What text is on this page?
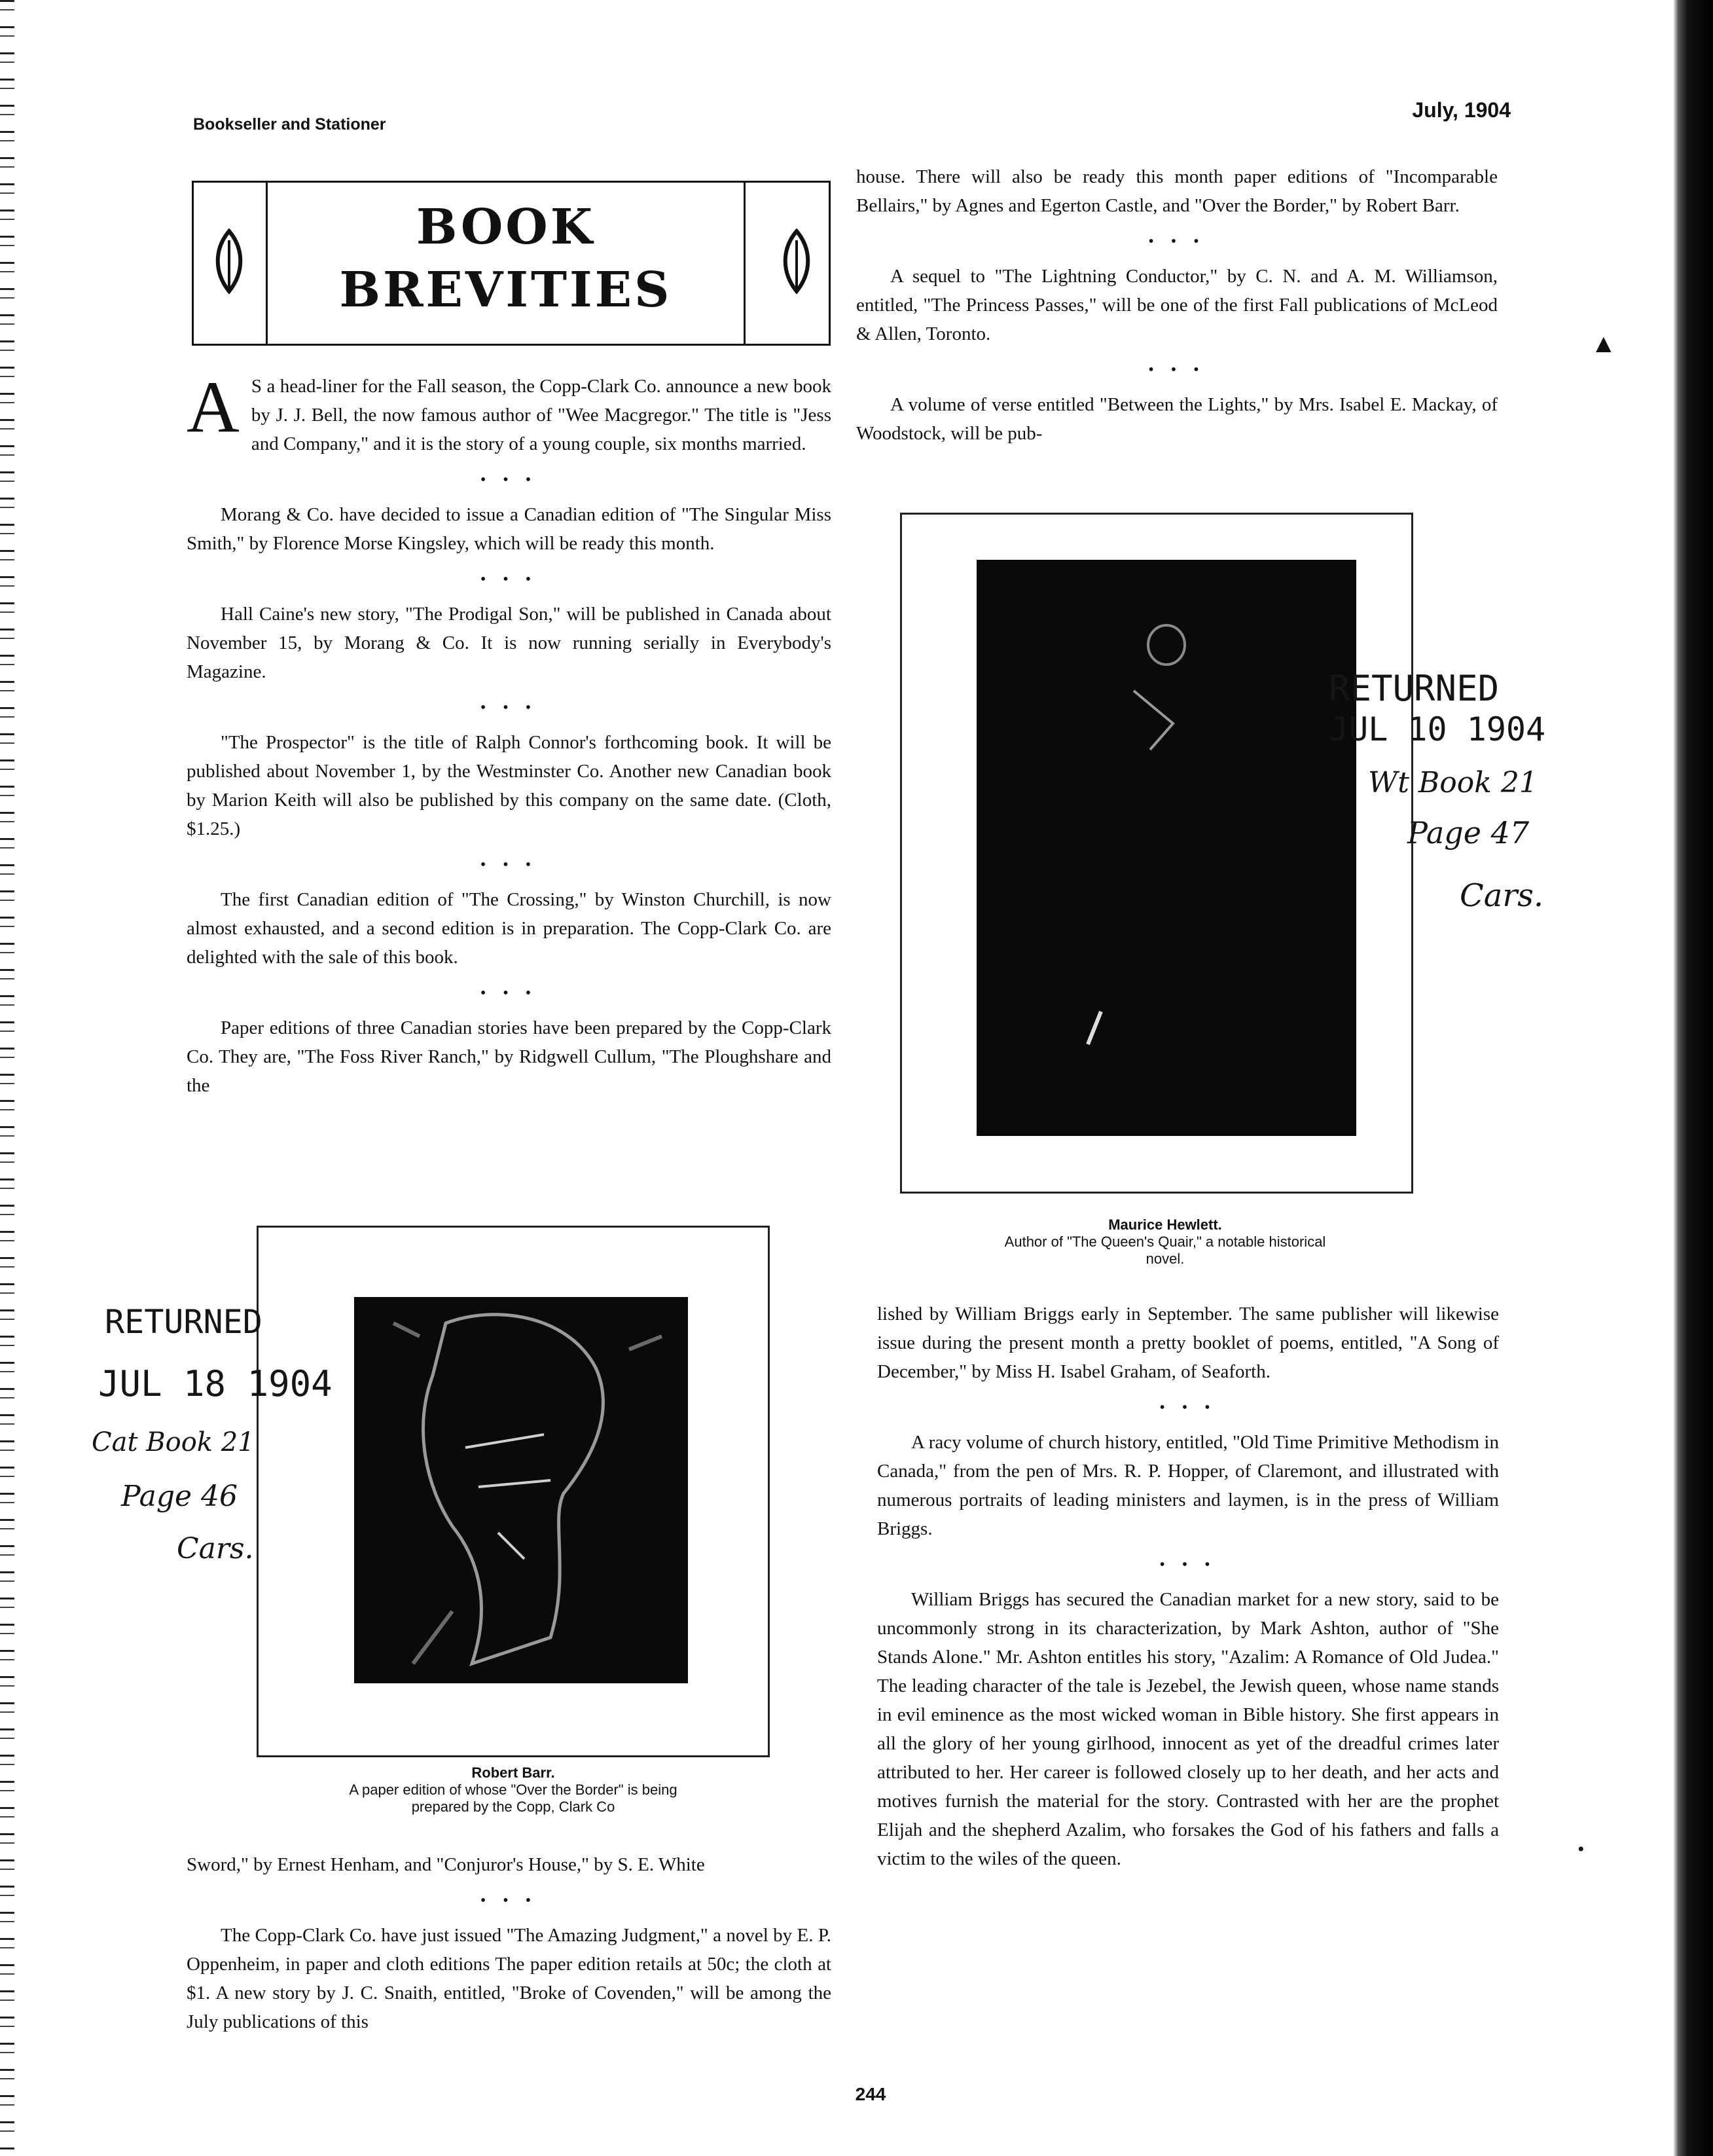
Bookseller and Stationer
July, 1904
BOOK
BREVITIES

A S a head-liner for the Fall season, the Copp-Clark Co. announce a new book by J. J. Bell, the now famous author of "Wee Macgregor." The title is "Jess and Company," and it is the story of a young couple, six months married.

• • •

Morang & Co. have decided to issue a Canadian edition of "The Singular Miss Smith," by Florence Morse Kingsley, which will be ready this month.

• • •

Hall Caine's new story, "The Prodigal Son," will be published in Canada about November 15, by Morang & Co. It is now running serially in Everybody's Magazine.

• • •

"The Prospector" is the title of Ralph Connor's forthcoming book. It will be published about November 1, by the Westminster Co. Another new Canadian book by Marion Keith will also be published by this company on the same date. (Cloth, $1.25.)

• • •

The first Canadian edition of "The Crossing," by Winston Churchill, is now almost exhausted, and a second edition is in preparation. The Copp-Clark Co. are delighted with the sale of this book.

• • •

Paper editions of three Canadian stories have been prepared by the Copp-Clark Co. They are, "The Foss River Ranch," by Ridgwell Cullum, "The Ploughshare and the

Robert Barr.
A paper edition of whose "Over the Border" is being prepared by the Copp, Clark Co
RETURNED
JUL 18 1904
Cat Book 21
Page 46
Cars.

Sword," by Ernest Henham, and "Conjuror's House," by S. E. White

• • •

The Copp-Clark Co. have just issued "The Amazing Judgment," a novel by E. P. Oppenheim, in paper and cloth editions The paper edition retails at 50c; the cloth at $1. A new story by J. C. Snaith, entitled, "Broke of Covenden," will be among the July publications of this

house. There will also be ready this month paper editions of "Incomparable Bellairs," by Agnes and Egerton Castle, and "Over the Border," by Robert Barr.

• • •

A sequel to "The Lightning Conductor," by C. N. and A. M. Williamson, entitled, "The Princess Passes," will be one of the first Fall publications of McLeod & Allen, Toronto.

• • •

A volume of verse entitled "Between the Lights," by Mrs. Isabel E. Mackay, of Woodstock, will be pub-

Maurice Hewlett.
Author of "The Queen's Quair," a notable historical novel.
RETURNED
JUL 10 1904
Wt Book 21
Page 47
Cars.

lished by William Briggs early in September. The same publisher will likewise issue during the present month a pretty booklet of poems, entitled, "A Song of December," by Miss H. Isabel Graham, of Seaforth.

• • •

A racy volume of church history, entitled, "Old Time Primitive Methodism in Canada," from the pen of Mrs. R. P. Hopper, of Claremont, and illustrated with numerous portraits of leading ministers and laymen, is in the press of William Briggs.

• • •

William Briggs has secured the Canadian market for a new story, said to be uncommonly strong in its characterization, by Mark Ashton, author of "She Stands Alone." Mr. Ashton entitles his story, "Azalim: A Romance of Old Judea." The leading character of the tale is Jezebel, the Jewish queen, whose name stands in evil eminence as the most wicked woman in Bible history. She first appears in all the glory of her young girlhood, innocent as yet of the dreadful crimes later attributed to her. Her career is followed closely up to her death, and her acts and motives furnish the material for the story. Contrasted with her are the prophet Elijah and the shepherd Azalim, who forsakes the God of his fathers and falls a victim to the wiles of the queen.

▲
•
244
